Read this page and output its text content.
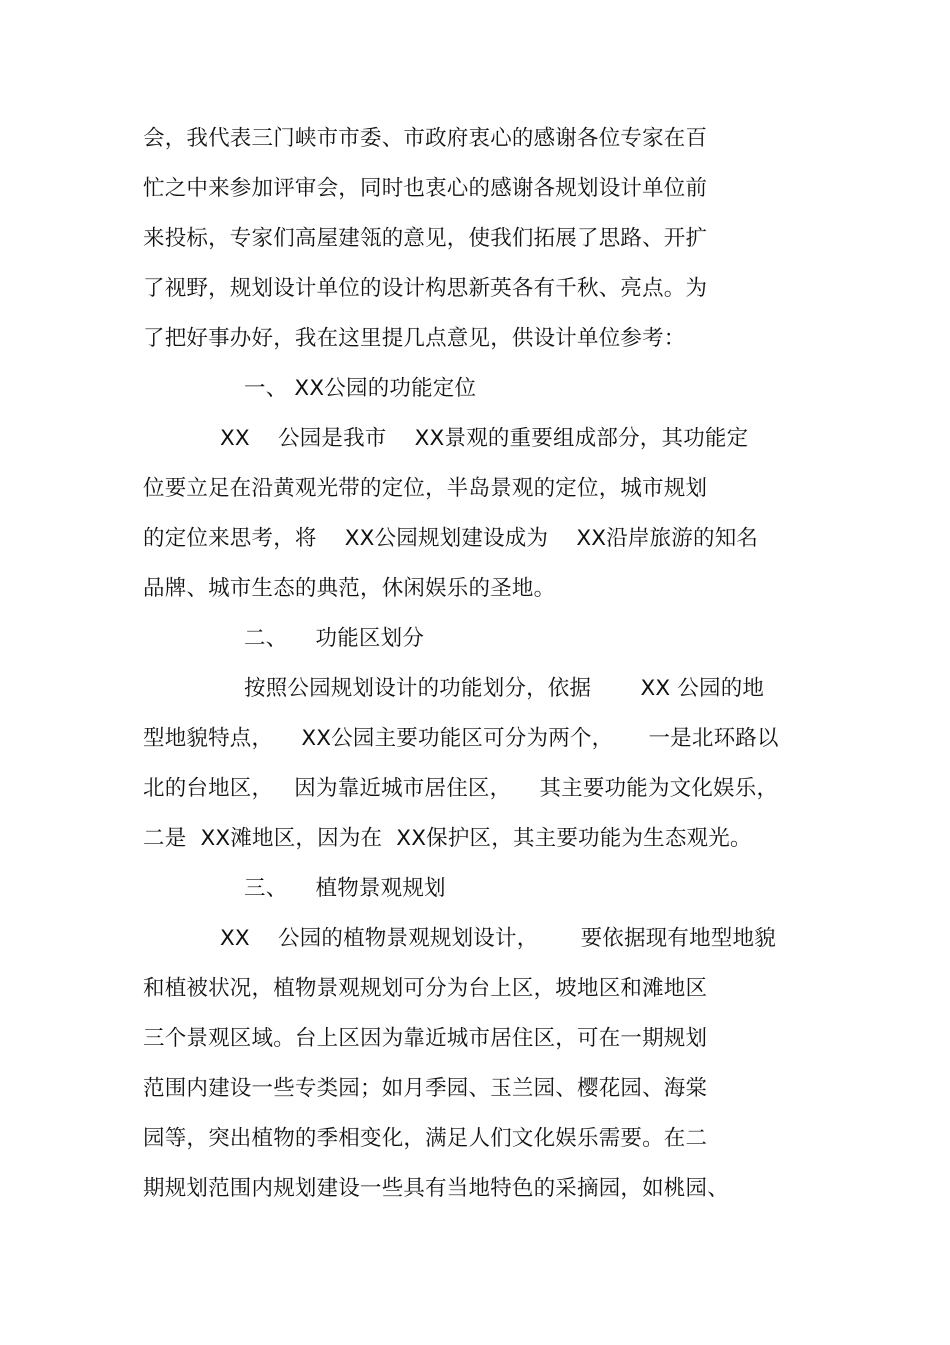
会，我代表三门峡市市委、市政府衷心的感谢各位专家在百
忙之中来参加评审会，同时也衷心的感谢各规划设计单位前
来投标，专家们高屋建瓴的意见，使我们拓展了思路、开扩
了视野，规划设计单位的设计构思新英各有千秋、亮点。为
了把好事办好，我在这里提几点意见，供设计单位参考：
一、 XX公园的功能定位
XX    公园是我市    XX景观的重要组成部分，其功能定
位要立足在沿黄观光带的定位，半岛景观的定位，城市规划
的定位来思考，将    XX公园规划建设成为    XX沿岸旅游的知名
品牌、城市生态的典范，休闲娱乐的圣地。
二、    功能区划分
按照公园规划设计的功能划分，依据       XX 公园的地
型地貌特点，    XX公园主要功能区可分为两个，     一是北环路以
北的台地区，   因为靠近城市居住区，    其主要功能为文化娱乐，
二是  XX滩地区，因为在  XX保护区，其主要功能为生态观光。
三、    植物景观规划
XX    公园的植物景观规划设计，      要依据现有地型地貌
和植被状况，植物景观规划可分为台上区，坡地区和滩地区
三个景观区域。台上区因为靠近城市居住区，可在一期规划
范围内建设一些专类园；如月季园、玉兰园、樱花园、海棠
园等，突出植物的季相变化，满足人们文化娱乐需要。在二
期规划范围内规划建设一些具有当地特色的采摘园，如桃园、
